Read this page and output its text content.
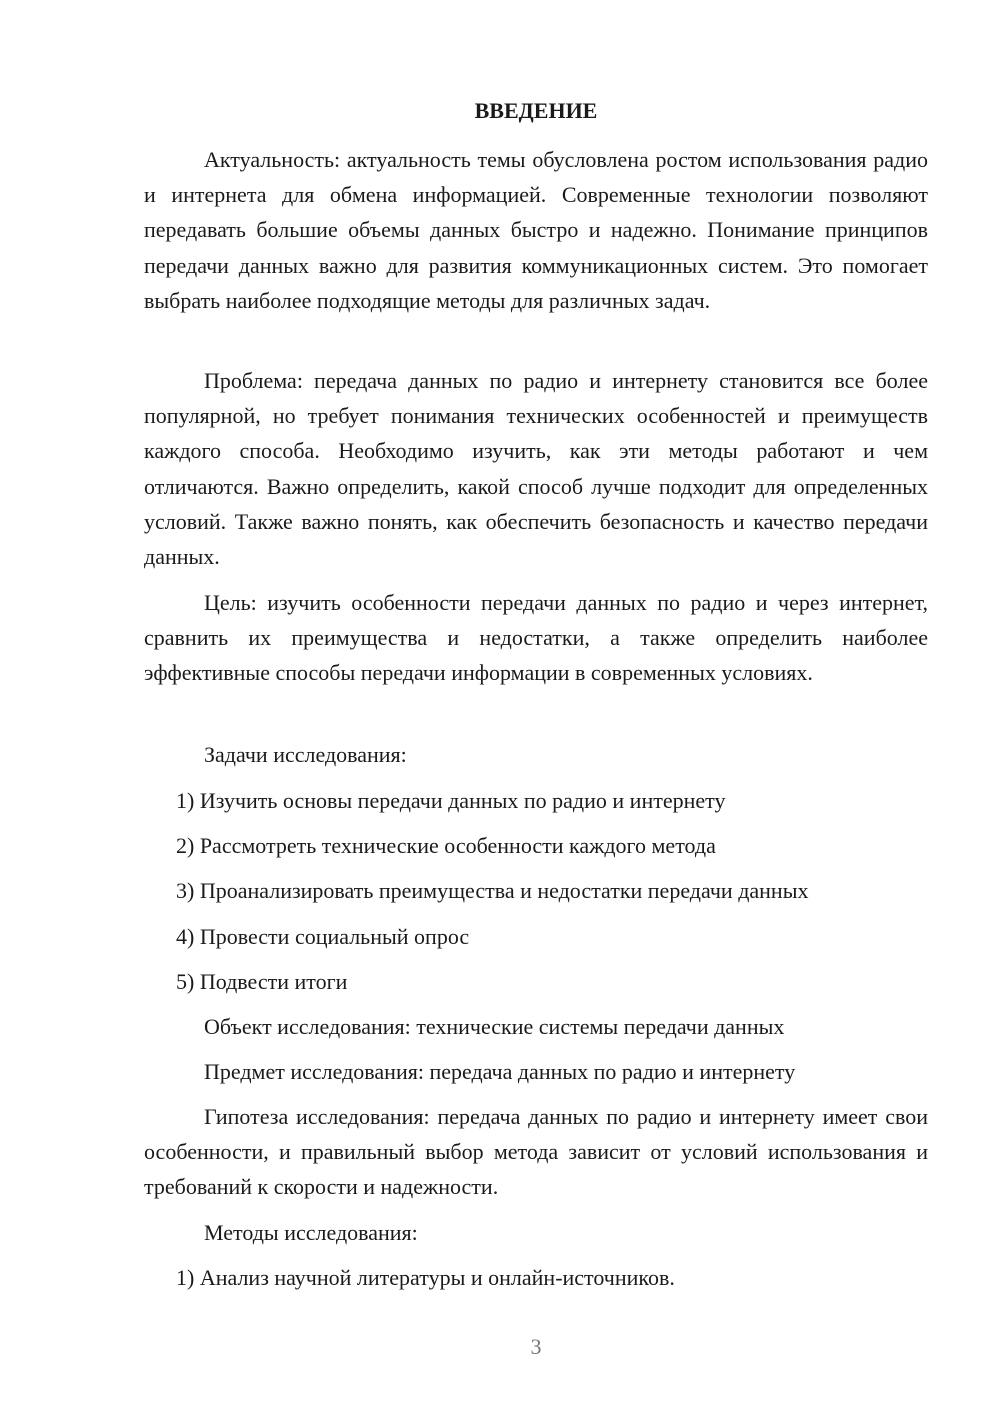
ВВЕДЕНИЕ

Актуальность: актуальность темы обусловлена ростом использования радио и интернета для обмена информацией. Современные технологии позволяют передавать большие объемы данных быстро и надежно. Понимание принципов передачи данных важно для развития коммуникационных систем. Это помогает выбрать наиболее подходящие методы для различных задач.

Проблема: передача данных по радио и интернету становится все более популярной, но требует понимания технических особенностей и преимуществ каждого способа. Необходимо изучить, как эти методы работают и чем отличаются. Важно определить, какой способ лучше подходит для определенных условий. Также важно понять, как обеспечить безопасность и качество передачи данных.

Цель: изучить особенности передачи данных по радио и через интернет, сравнить их преимущества и недостатки, а также определить наиболее эффективные способы передачи информации в современных условиях.

Задачи исследования:

1) Изучить основы передачи данных по радио и интернету

2) Рассмотреть технические особенности каждого метода

3) Проанализировать преимущества и недостатки передачи данных

4) Провести социальный опрос

5) Подвести итоги

Объект исследования: технические системы передачи данных

Предмет исследования: передача данных по радио и интернету

Гипотеза исследования: передача данных по радио и интернету имеет свои особенности, и правильный выбор метода зависит от условий использования и требований к скорости и надежности.

Методы исследования:

1) Анализ научной литературы и онлайн-источников.

3
